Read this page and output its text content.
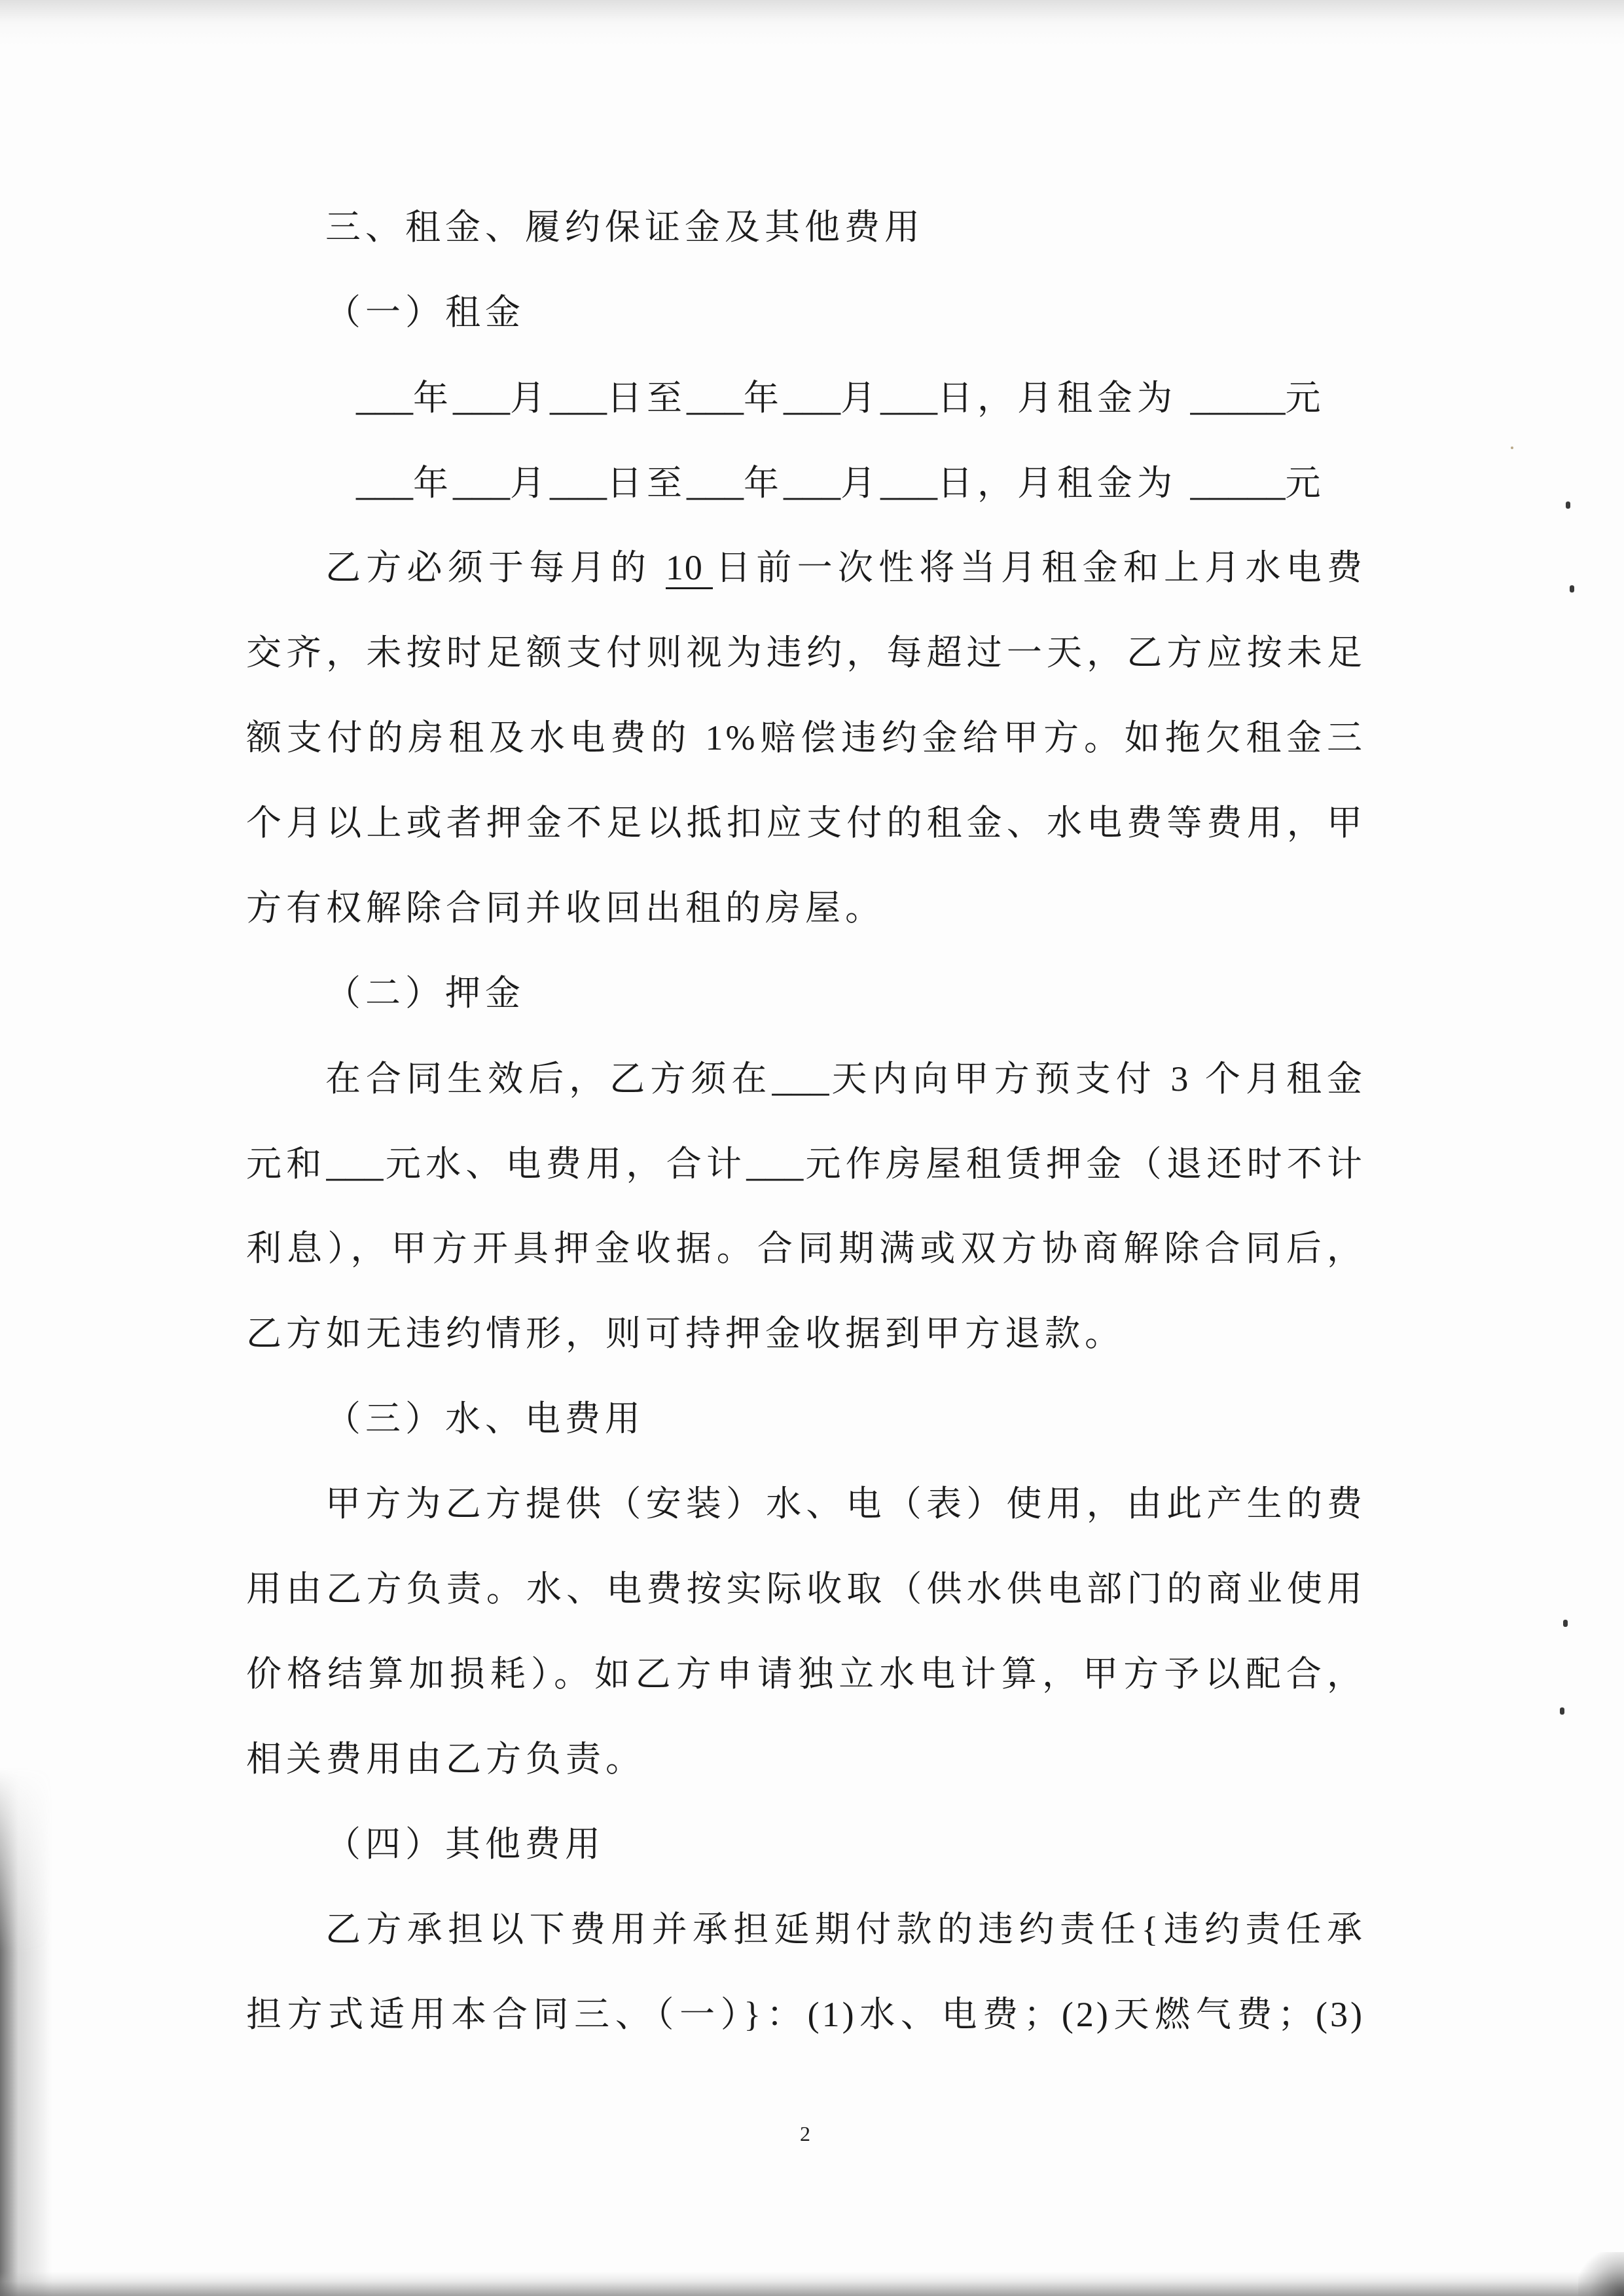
三、租金、履约保证金及其他费用
（一）租金
___年___月___日至___年___月___日，月租金为 _____元
___年___月___日至___年___月___日，月租金为 _____元
乙方必须于每月的 10 日前一次性将当月租金和上月水电费
交齐，未按时足额支付则视为违约，每超过一天，乙方应按未足
额支付的房租及水电费的 1%赔偿违约金给甲方。如拖欠租金三
个月以上或者押金不足以抵扣应支付的租金、水电费等费用，甲
方有权解除合同并收回出租的房屋。
（二）押金
在合同生效后，乙方须在___天内向甲方预支付 3 个月租金
元和___元水、电费用，合计___元作房屋租赁押金（退还时不计
利息），甲方开具押金收据。合同期满或双方协商解除合同后，
乙方如无违约情形，则可持押金收据到甲方退款。
（三）水、电费用
甲方为乙方提供（安装）水、电（表）使用，由此产生的费
用由乙方负责。水、电费按实际收取（供水供电部门的商业使用
价格结算加损耗）。如乙方申请独立水电计算，甲方予以配合，
相关费用由乙方负责。
（四）其他费用
乙方承担以下费用并承担延期付款的违约责任{违约责任承
担方式适用本合同三、（一）}：(1)水、电费；(2)天燃气费；(3)
2
